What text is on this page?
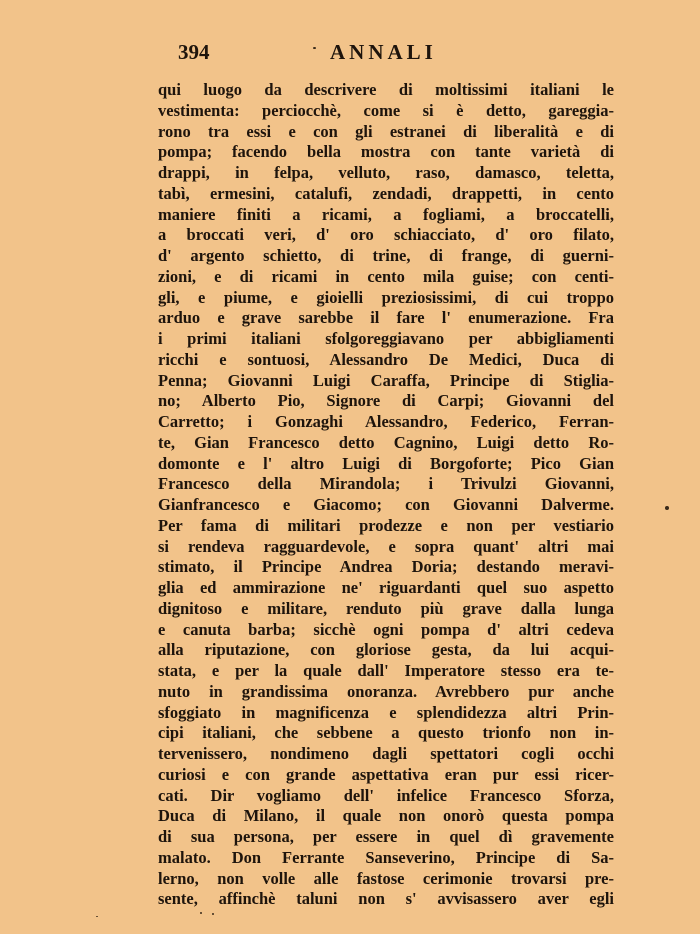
394	ANNALI
qui luogo da descrivere di moltissimi italiani le
vestimenta: perciocchè, come si è detto, gareggia-
rono tra essi e con gli estranei di liberalità e di
pompa; facendo bella mostra con tante varietà di
drappi, in felpa, velluto, raso, damasco, teletta,
tabì, ermesini, catalufi, zendadi, drappetti, in cento
maniere finiti a ricami, a fogliami, a broccatelli,
a broccati veri, d' oro schiacciato, d' oro filato,
d' argento schietto, di trine, di frange, di guerni-
zioni, e di ricami in cento mila guise; con centi-
gli, e piume, e gioielli preziosissimi, di cui troppo
arduo e grave sarebbe il fare l' enumerazione. Fra
i primi italiani sfolgoreggiavano per abbigliamenti
ricchi e sontuosi, Alessandro De Medici, Duca di
Penna; Giovanni Luigi Caraffa, Principe di Stiglia-
no; Alberto Pio, Signore di Carpi; Giovanni del
Carretto; i Gonzaghi Alessandro, Federico, Ferran-
te, Gian Francesco detto Cagnino, Luigi detto Ro-
domonte e l' altro Luigi di Borgoforte; Pico Gian
Francesco della Mirandola; i Trivulzi Giovanni,
Gianfrancesco e Giacomo; con Giovanni Dalverme.
Per fama di militari prodezze e non per vestiario
si rendeva ragguardevole, e sopra quant' altri mai
stimato, il Principe Andrea Doria; destando meravi-
glia ed ammirazione ne' riguardanti quel suo aspetto
dignitoso e militare, renduto più grave dalla lunga
e canuta barba; sicchè ogni pompa d' altri cedeva
alla riputazione, con gloriose gesta, da lui acqui-
stata, e per la quale dall' Imperatore stesso era te-
nuto in grandissima onoranza. Avrebbero pur anche
sfoggiato in magnificenza e splendidezza altri Prin-
cipi italiani, che sebbene a questo trionfo non in-
tervenissero, nondimeno dagli spettatori cogli occhi
curiosi e con grande aspettativa eran pur essi ricer-
cati. Dir vogliamo dell' infelice Francesco Sforza,
Duca di Milano, il quale non onorò questa pompa
di sua persona, per essere in quel dì gravemente
malato. Don Ferrante Sanseverino, Principe di Sa-
lerno, non volle alle fastose cerimonie trovarsi pre-
sente, affinchè taluni non s' avvisassero aver egli
